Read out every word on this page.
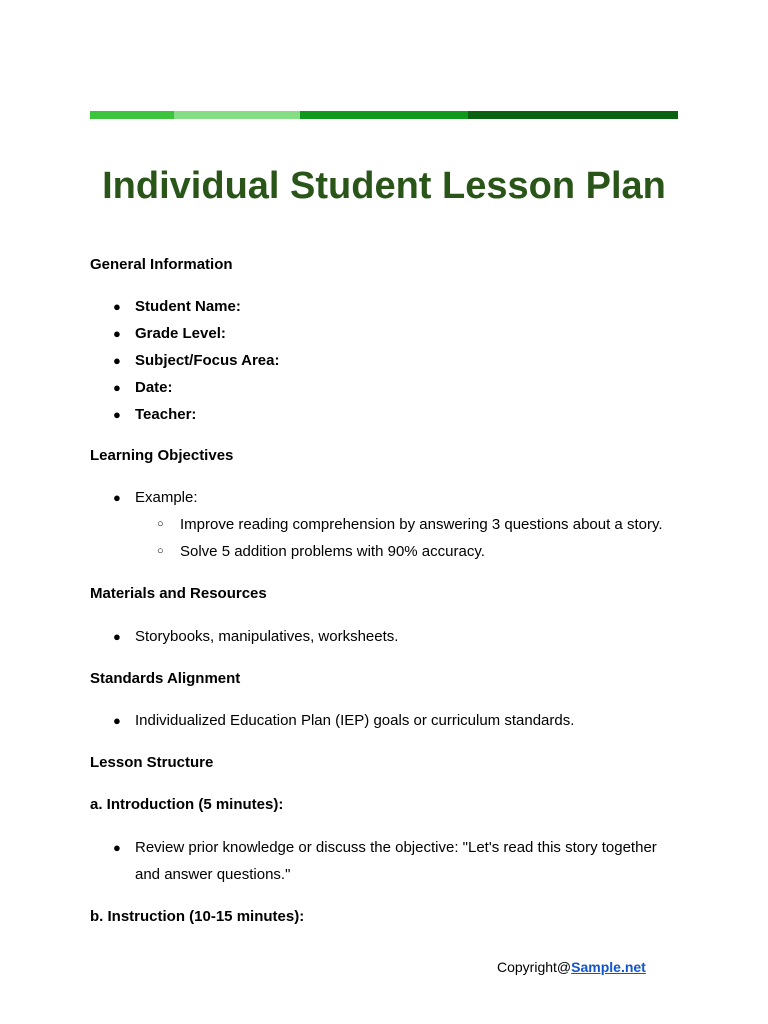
Individual Student Lesson Plan

General Information

● Student Name:
● Grade Level:
● Subject/Focus Area:
● Date:
● Teacher:

Learning Objectives

● Example:
○ Improve reading comprehension by answering 3 questions about a story.
○ Solve 5 addition problems with 90% accuracy.

Materials and Resources

● Storybooks, manipulatives, worksheets.

Standards Alignment

● Individualized Education Plan (IEP) goals or curriculum standards.

Lesson Structure

a. Introduction (5 minutes):

● Review prior knowledge or discuss the objective: "Let's read this story together and answer questions."

b. Instruction (10-15 minutes):

Copyright@Sample.net
